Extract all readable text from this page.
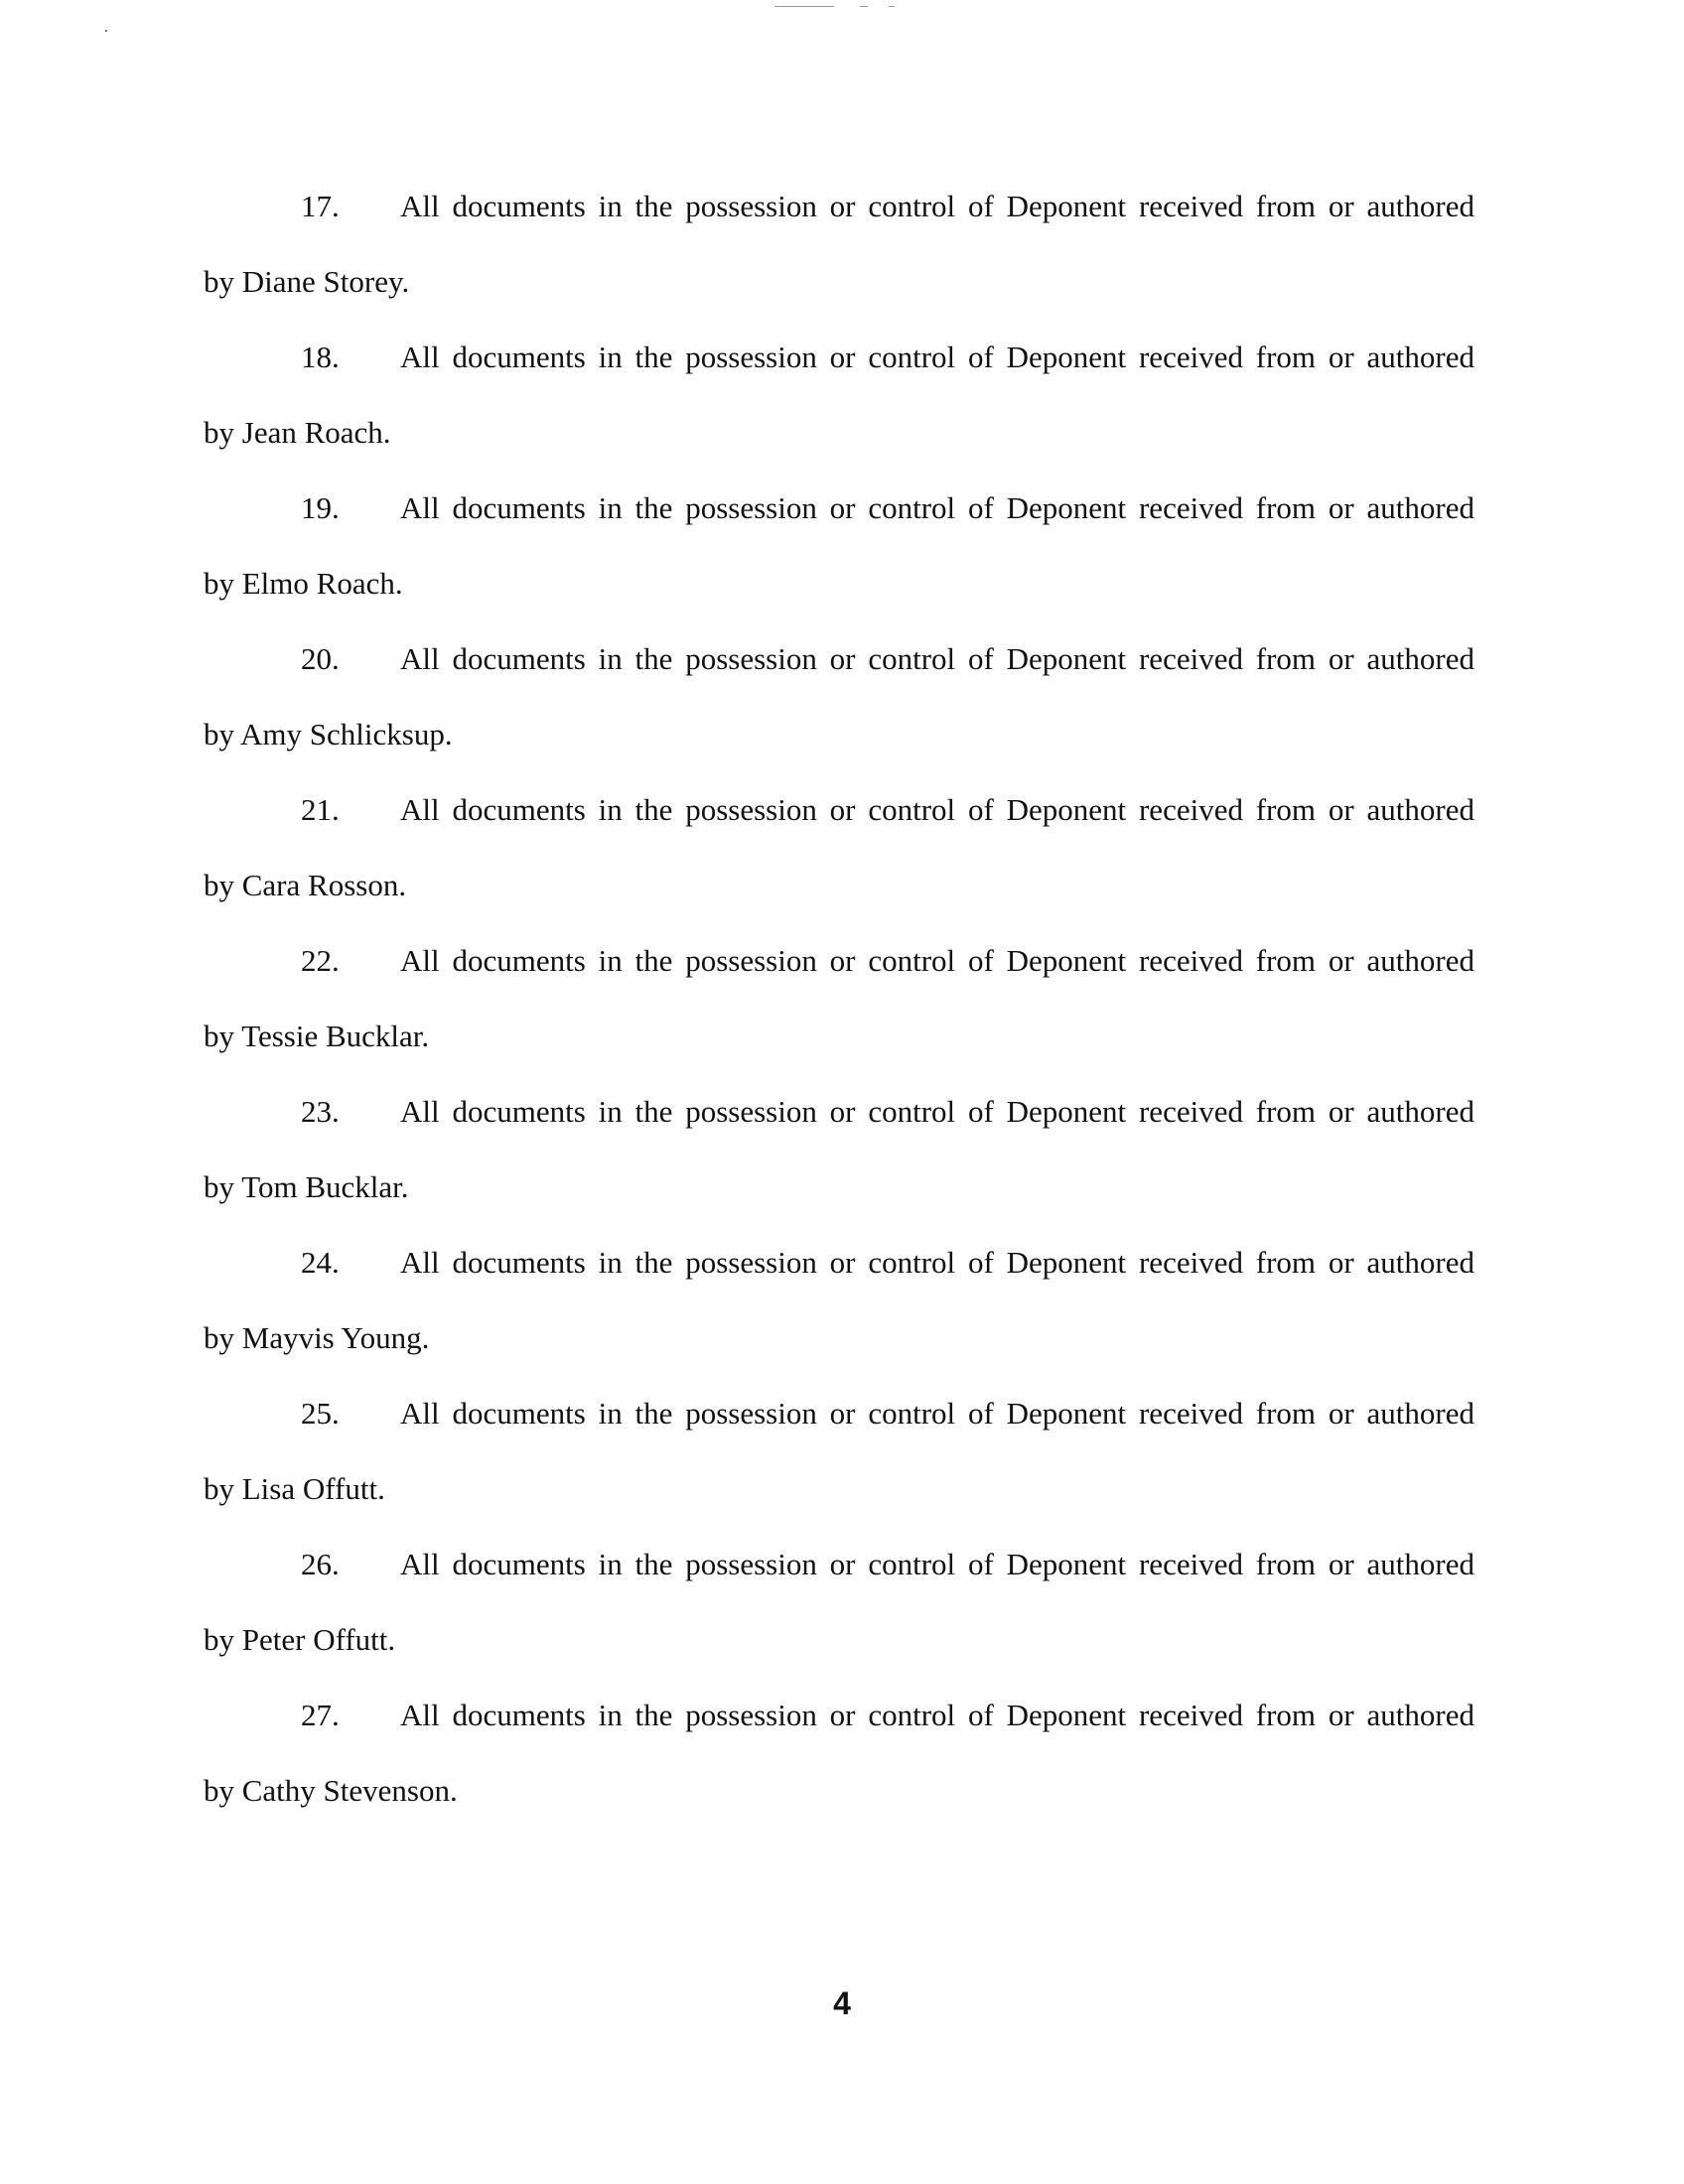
17.	All documents in the possession or control of Deponent received from or authored
by Diane Storey.
18.	All documents in the possession or control of Deponent received from or authored
by Jean Roach.
19.	All documents in the possession or control of Deponent received from or authored
by Elmo Roach.
20.	All documents in the possession or control of Deponent received from or authored
by Amy Schlicksup.
21.	All documents in the possession or control of Deponent received from or authored
by Cara Rosson.
22.	All documents in the possession or control of Deponent received from or authored
by Tessie Bucklar.
23.	All documents in the possession or control of Deponent received from or authored
by Tom Bucklar.
24.	All documents in the possession or control of Deponent received from or authored
by Mayvis Young.
25.	All documents in the possession or control of Deponent received from or authored
by Lisa Offutt.
26.	All documents in the possession or control of Deponent received from or authored
by Peter Offutt.
27.	All documents in the possession or control of Deponent received from or authored
by Cathy Stevenson.
4
